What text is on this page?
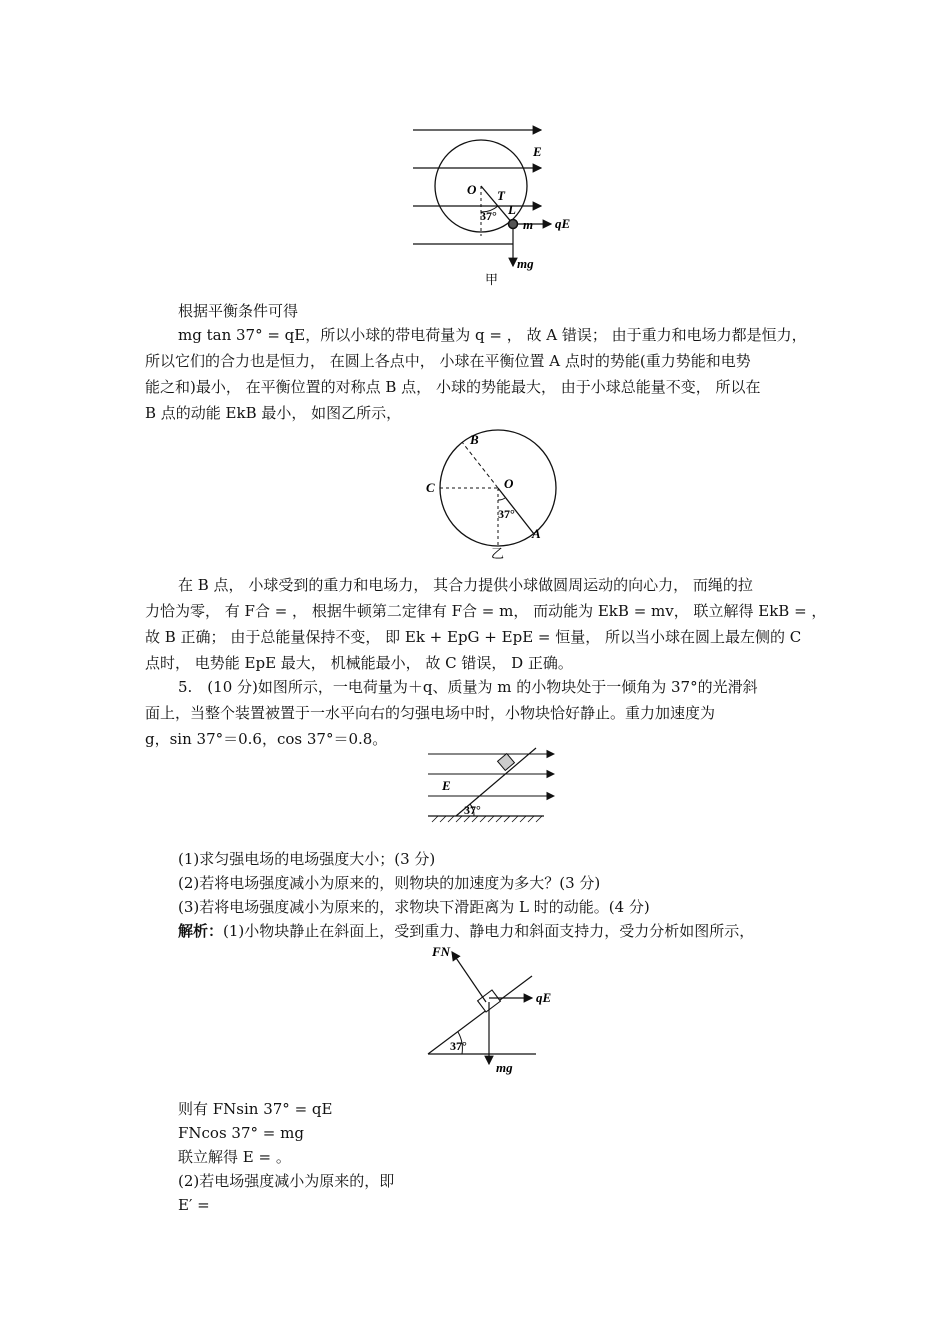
E
O T
L
37°
m qE
mg
甲
根据平衡条件可得
mg tan 37° = qE，所以小球的带电荷量为 q = ， 故 A 错误； 由于重力和电场力都是恒力，
所以它们的合力也是恒力， 在圆上各点中， 小球在平衡位置 A 点时的势能(重力势能和电势
能之和)最小， 在平衡位置的对称点 B 点， 小球的势能最大， 由于小球总能量不变， 所以在
B 点的动能 EkB 最小， 如图乙所示，
B
C	O
37°
A
乙
在 B 点， 小球受到的重力和电场力， 其合力提供小球做圆周运动的向心力， 而绳的拉
力恰为零， 有 F合 = ， 根据牛顿第二定律有 F合 = m， 而动能为 EkB = mv， 联立解得 EkB = ，
故 B 正确； 由于总能量保持不变， 即 Ek + EpG + EpE = 恒量， 所以当小球在圆上最左侧的 C
点时， 电势能 EpE 最大， 机械能最小， 故 C 错误， D 正确。
5.　(10 分)如图所示，一电荷量为＋q、质量为 m 的小物块处于一倾角为 37°的光滑斜
面上，当整个装置被置于一水平向右的匀强电场中时，小物块恰好静止。重力加速度为
g，sin 37°＝0.6，cos 37°＝0.8。
E
37°
(1)求匀强电场的电场强度大小；(3 分)
(2)若将电场强度减小为原来的，则物块的加速度为多大？(3 分)
(3)若将电场强度减小为原来的，求物块下滑距离为 L 时的动能。(4 分)
解析：(1)小物块静止在斜面上，受到重力、静电力和斜面支持力，受力分析如图所示，
FN
qE
37°
mg
则有 FNsin 37° = qE
FNcos 37° = mg
联立解得 E = 。
(2)若电场强度减小为原来的，即
E′ =
